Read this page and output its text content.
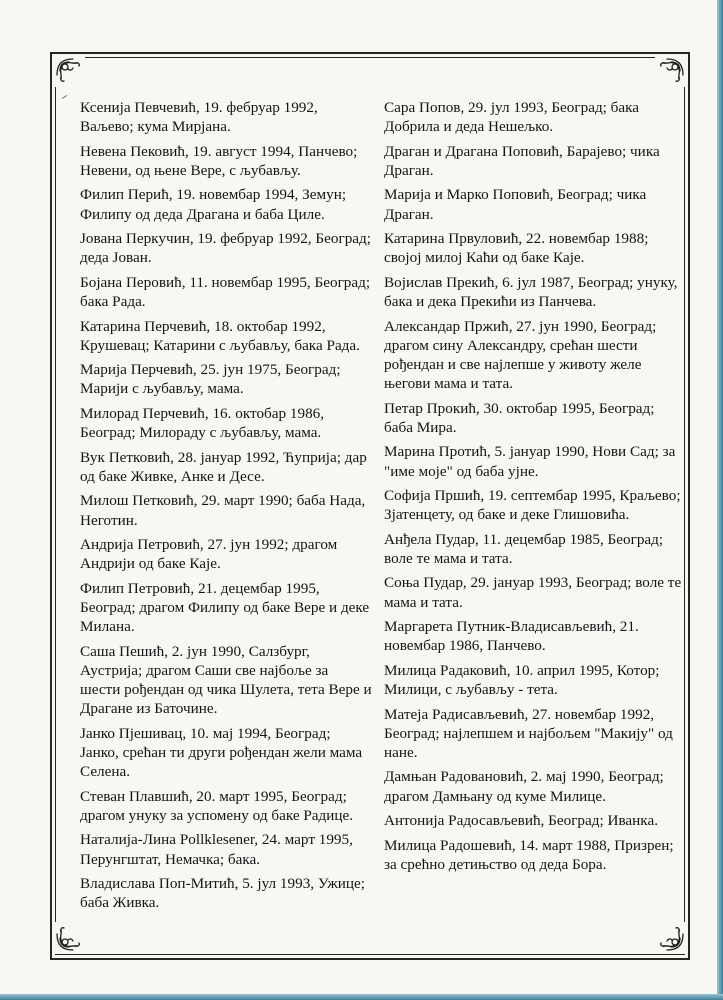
Ксенија Певчевић, 19. фебруар 1992, Ваљево; кума Мирјана.

Невена Пековић, 19. август 1994, Панчево; Невени, од њене Вере, с љубављу.

Филип Перић, 19. новембар 1994, Земун; Филипу од деда Драгана и баба Циле.

Јована Перкучин, 19. фебруар 1992, Београд; деда Јован.

Бојана Перовић, 11. новембар 1995, Београд; бака Рада.

Катарина Перчевић, 18. октобар 1992, Крушевац; Катарини с љубављу, бака Рада.

Марија Перчевић, 25. јун 1975, Београд; Марији с љубављу, мама.

Милорад Перчевић, 16. октобар 1986, Београд; Милораду с љубављу, мама.

Вук Петковић, 28. јануар 1992, Ћуприја; дар од баке Живке, Анке и Десе.

Милош Петковић, 29. март 1990; баба Нада, Неготин.

Андрија Петровић, 27. јун 1992; драгом Андрији од баке Каје.

Филип Петровић, 21. децембар 1995, Београд; драгом Филипу од баке Вере и деке Милана.

Саша Пешић, 2. јун 1990, Салзбург, Аустрија; драгом Саши све најбоље за шести рођендан од чика Шулета, тета Вере и Драгане из Баточине.

Јанко Пјешивац, 10. мај 1994, Београд; Јанко, срећан ти други рођендан жели мама Селена.

Стеван Плавшић, 20. март 1995, Београд; драгом унуку за успомену од баке Радице.

Наталија-Лина Pollklesener, 24. март 1995, Перунгштат, Немачка; бака.

Владислава Поп-Митић, 5. јул 1993, Ужице; баба Живка.

Сара Попов, 29. јул 1993, Београд; бака Добрила и деда Нешељко.

Драган и Драгана Поповић, Барајево; чика Драган.

Марија и Марко Поповић, Београд; чика Драган.

Катарина Првуловић, 22. новембар 1988; својој милој Каћи од баке Каје.

Војислав Прекић, 6. јул 1987, Београд; унуку, бака и дека Прекићи из Панчева.

Александар Пржић, 27. јун 1990, Београд; драгом сину Александру, срећан шести рођендан и све најлепше у животу желе његови мама и тата.

Петар Прокић, 30. октобар 1995, Београд; баба Мира.

Марина Протић, 5. јануар 1990, Нови Сад; за "име моје" од баба ујне.

Софија Пршић, 19. септембар 1995, Краљево; Зјатенцету, од баке и деке Глишовића.

Анђела Пудар, 11. децембар 1985, Београд; воле те мама и тата.

Соња Пудар, 29. јануар 1993, Београд; воле те мама и тата.

Маргарета Путник-Владисављевић, 21. новембар 1986, Панчево.

Милица Радаковић, 10. април 1995, Котор; Милици, с љубављу - тета.

Матеја Радисављевић, 27. новембар 1992, Београд; најлепшем и најбољем "Макију" од нане.

Дамњан Радовановић, 2. мај 1990, Београд; драгом Дамњану од куме Милице.

Антонија Радосављевић, Београд; Иванка.

Милица Радошевић, 14. март 1988, Призрен; за срећно детињство од деда Бора.
